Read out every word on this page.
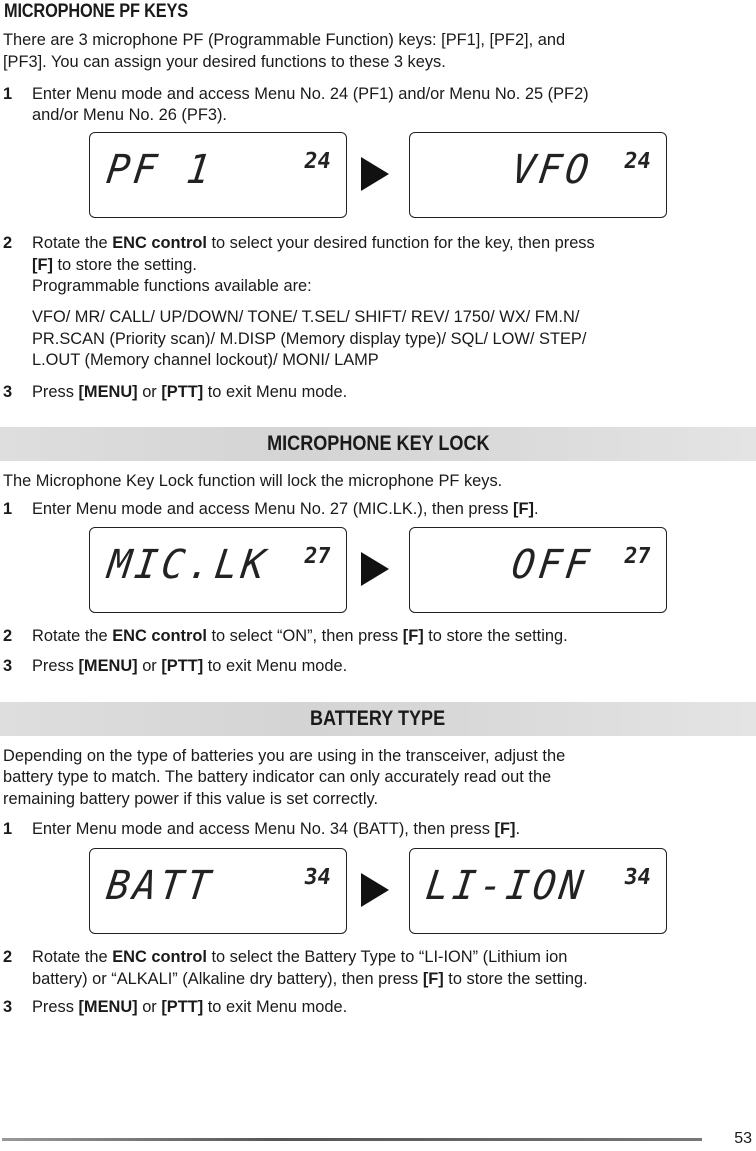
MICROPHONE PF KEYS
There are 3 microphone PF (Programmable Function) keys: [PF1], [PF2], and
[PF3]. You can assign your desired functions to these 3 keys.
1 Enter Menu mode and access Menu No. 24 (PF1) and/or Menu No. 25 (PF2)
and/or Menu No. 26 (PF3).
PF 1	24	VFO 24
2 Rotate the ENC control to select your desired function for the key, then press
[F] to store the setting.
Programmable functions available are:
VFO/ MR/ CALL/ UP/DOWN/ TONE/ T.SEL/ SHIFT/ REV/ 1750/ WX/ FM.N/
PR.SCAN (Priority scan)/ M.DISP (Memory display type)/ SQL/ LOW/ STEP/
L.OUT (Memory channel lockout)/ MONI/ LAMP
3 Press [MENU] or [PTT] to exit Menu mode.
MICROPHONE KEY LOCK
The Microphone Key Lock function will lock the microphone PF keys.
1 Enter Menu mode and access Menu No. 27 (MIC.LK.), then press [F].
MIC.LK 27	OFF 27
2 Rotate the ENC control to select “ON”, then press [F] to store the setting.
3 Press [MENU] or [PTT] to exit Menu mode.
BATTERY TYPE
Depending on the type of batteries you are using in the transceiver, adjust the
battery type to match. The battery indicator can only accurately read out the
remaining battery power if this value is set correctly.
1 Enter Menu mode and access Menu No. 34 (BATT), then press [F].
BATT	34 LI-ION 34
2 Rotate the ENC control to select the Battery Type to “LI-ION” (Lithium ion
battery) or “ALKALI” (Alkaline dry battery), then press [F] to store the setting.
3 Press [MENU] or [PTT] to exit Menu mode.
53
